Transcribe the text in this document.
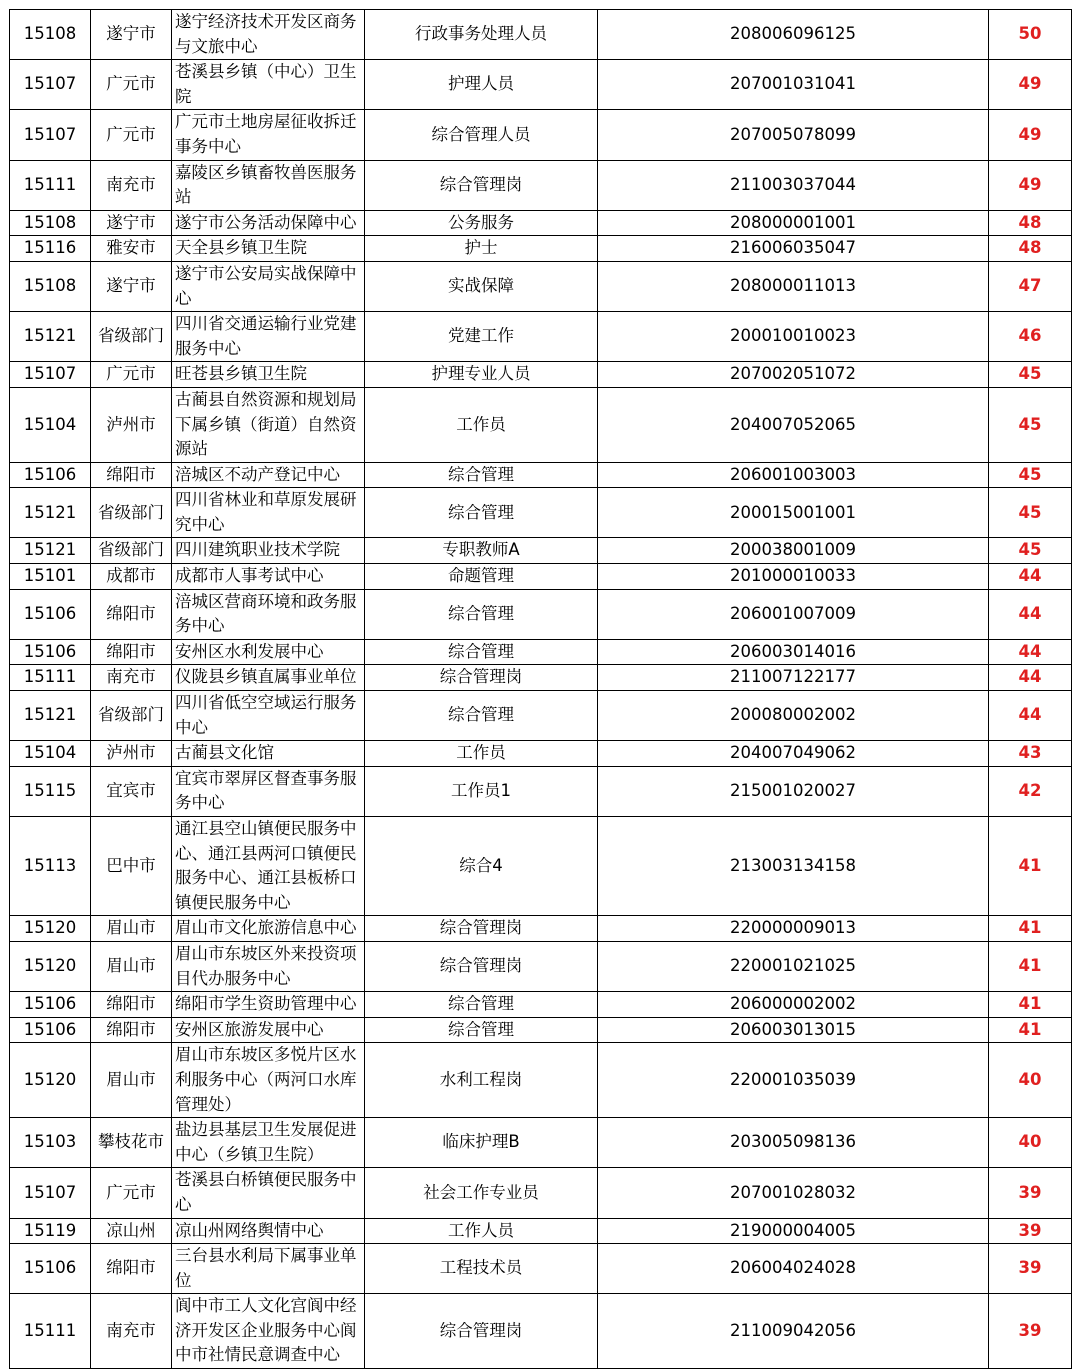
15108	遂宁市	遂宁经济技术开发区商务与文旅中心	行政事务处理人员	208006096125	50
15107	广元市	苍溪县乡镇（中心）卫生院	护理人员	207001031041	49
15107	广元市	广元市土地房屋征收拆迁事务中心	综合管理人员	207005078099	49
15111	南充市	嘉陵区乡镇畜牧兽医服务站	综合管理岗	211003037044	49
15108	遂宁市	遂宁市公务活动保障中心	公务服务	208000001001	48
15116	雅安市	天全县乡镇卫生院	护士	216006035047	48
15108	遂宁市	遂宁市公安局实战保障中心	实战保障	208000011013	47
15121	省级部门	四川省交通运输行业党建服务中心	党建工作	200010010023	46
15107	广元市	旺苍县乡镇卫生院	护理专业人员	207002051072	45
15104	泸州市	古蔺县自然资源和规划局下属乡镇（街道）自然资源站	工作员	204007052065	45
15106	绵阳市	涪城区不动产登记中心	综合管理	206001003003	45
15121	省级部门	四川省林业和草原发展研究中心	综合管理	200015001001	45
15121	省级部门	四川建筑职业技术学院	专职教师A	200038001009	45
15101	成都市	成都市人事考试中心	命题管理	201000010033	44
15106	绵阳市	涪城区营商环境和政务服务中心	综合管理	206001007009	44
15106	绵阳市	安州区水利发展中心	综合管理	206003014016	44
15111	南充市	仪陇县乡镇直属事业单位	综合管理岗	211007122177	44
15121	省级部门	四川省低空空域运行服务中心	综合管理	200080002002	44
15104	泸州市	古蔺县文化馆	工作员	204007049062	43
15115	宜宾市	宜宾市翠屏区督查事务服务中心	工作员1	215001020027	42
15113	巴中市	通江县空山镇便民服务中心、通江县两河口镇便民服务中心、通江县板桥口镇便民服务中心	综合4	213003134158	41
15120	眉山市	眉山市文化旅游信息中心	综合管理岗	220000009013	41
15120	眉山市	眉山市东坡区外来投资项目代办服务中心	综合管理岗	220001021025	41
15106	绵阳市	绵阳市学生资助管理中心	综合管理	206000002002	41
15106	绵阳市	安州区旅游发展中心	综合管理	206003013015	41
15120	眉山市	眉山市东坡区多悦片区水利服务中心（两河口水库管理处）	水利工程岗	220001035039	40
15103	攀枝花市	盐边县基层卫生发展促进中心（乡镇卫生院）	临床护理B	203005098136	40
15107	广元市	苍溪县白桥镇便民服务中心	社会工作专业员	207001028032	39
15119	凉山州	凉山州网络舆情中心	工作人员	219000004005	39
15106	绵阳市	三台县水利局下属事业单位	工程技术员	206004024028	39
15111	南充市	阆中市工人文化宫阆中经济开发区企业服务中心阆中市社情民意调查中心	综合管理岗	211009042056	39
